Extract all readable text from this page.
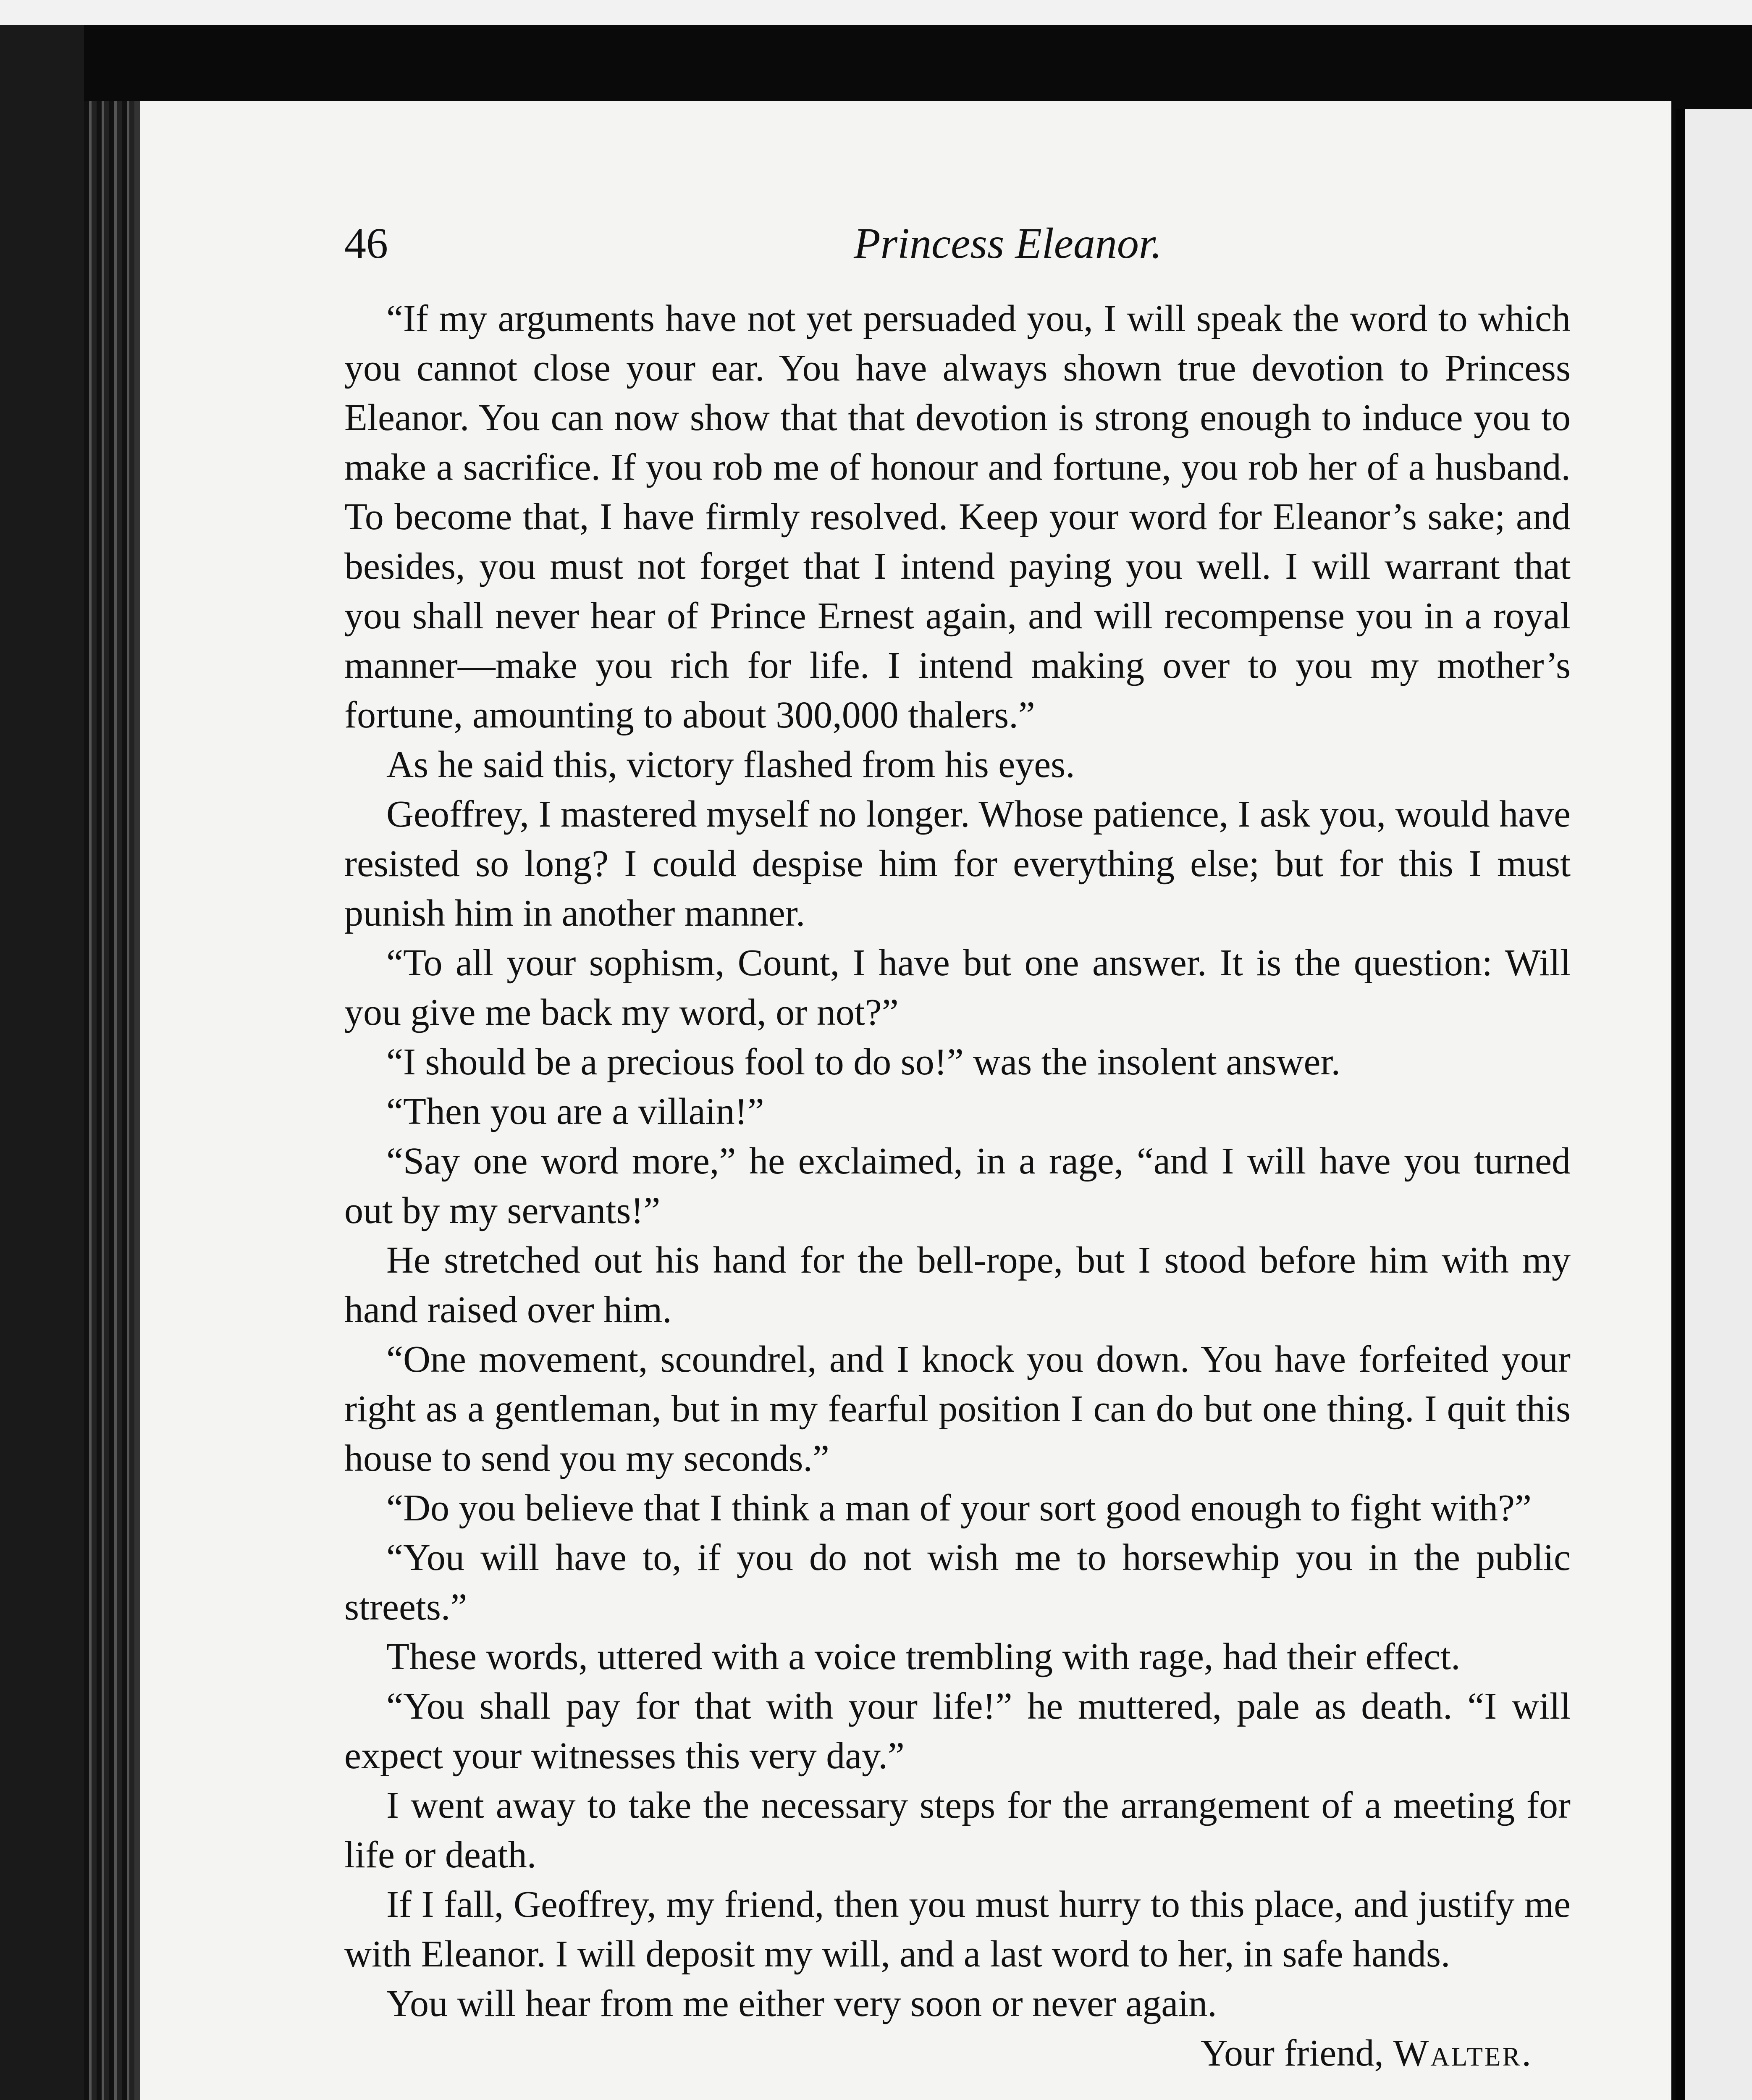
46	Princess Eleanor.

“If my arguments have not yet persuaded you, I will speak the word to which you cannot close your ear. You have always shown true devotion to Princess Eleanor. You can now show that that devotion is strong enough to induce you to make a sacrifice. If you rob me of honour and fortune, you rob her of a husband. To become that, I have firmly resolved. Keep your word for Eleanor’s sake; and besides, you must not forget that I intend paying you well. I will warrant that you shall never hear of Prince Ernest again, and will recompense you in a royal manner—make you rich for life. I intend making over to you my mother’s fortune, amounting to about 300,000 thalers.”

As he said this, victory flashed from his eyes.

Geoffrey, I mastered myself no longer. Whose patience, I ask you, would have resisted so long? I could despise him for everything else; but for this I must punish him in another manner.

“To all your sophism, Count, I have but one answer. It is the question: Will you give me back my word, or not?”

“I should be a precious fool to do so!” was the insolent answer.

“Then you are a villain!”

“Say one word more,” he exclaimed, in a rage, “and I will have you turned out by my servants!”

He stretched out his hand for the bell-rope, but I stood before him with my hand raised over him.

“One movement, scoundrel, and I knock you down. You have forfeited your right as a gentleman, but in my fearful position I can do but one thing. I quit this house to send you my seconds.”

“Do you believe that I think a man of your sort good enough to fight with?”

“You will have to, if you do not wish me to horsewhip you in the public streets.”

These words, uttered with a voice trembling with rage, had their effect.

“You shall pay for that with your life!” he muttered, pale as death. “I will expect your witnesses this very day.”

I went away to take the necessary steps for the arrangement of a meeting for life or death.

If I fall, Geoffrey, my friend, then you must hurry to this place, and justify me with Eleanor. I will deposit my will, and a last word to her, in safe hands.

You will hear from me either very soon or never again.

Your friend, Walter.
